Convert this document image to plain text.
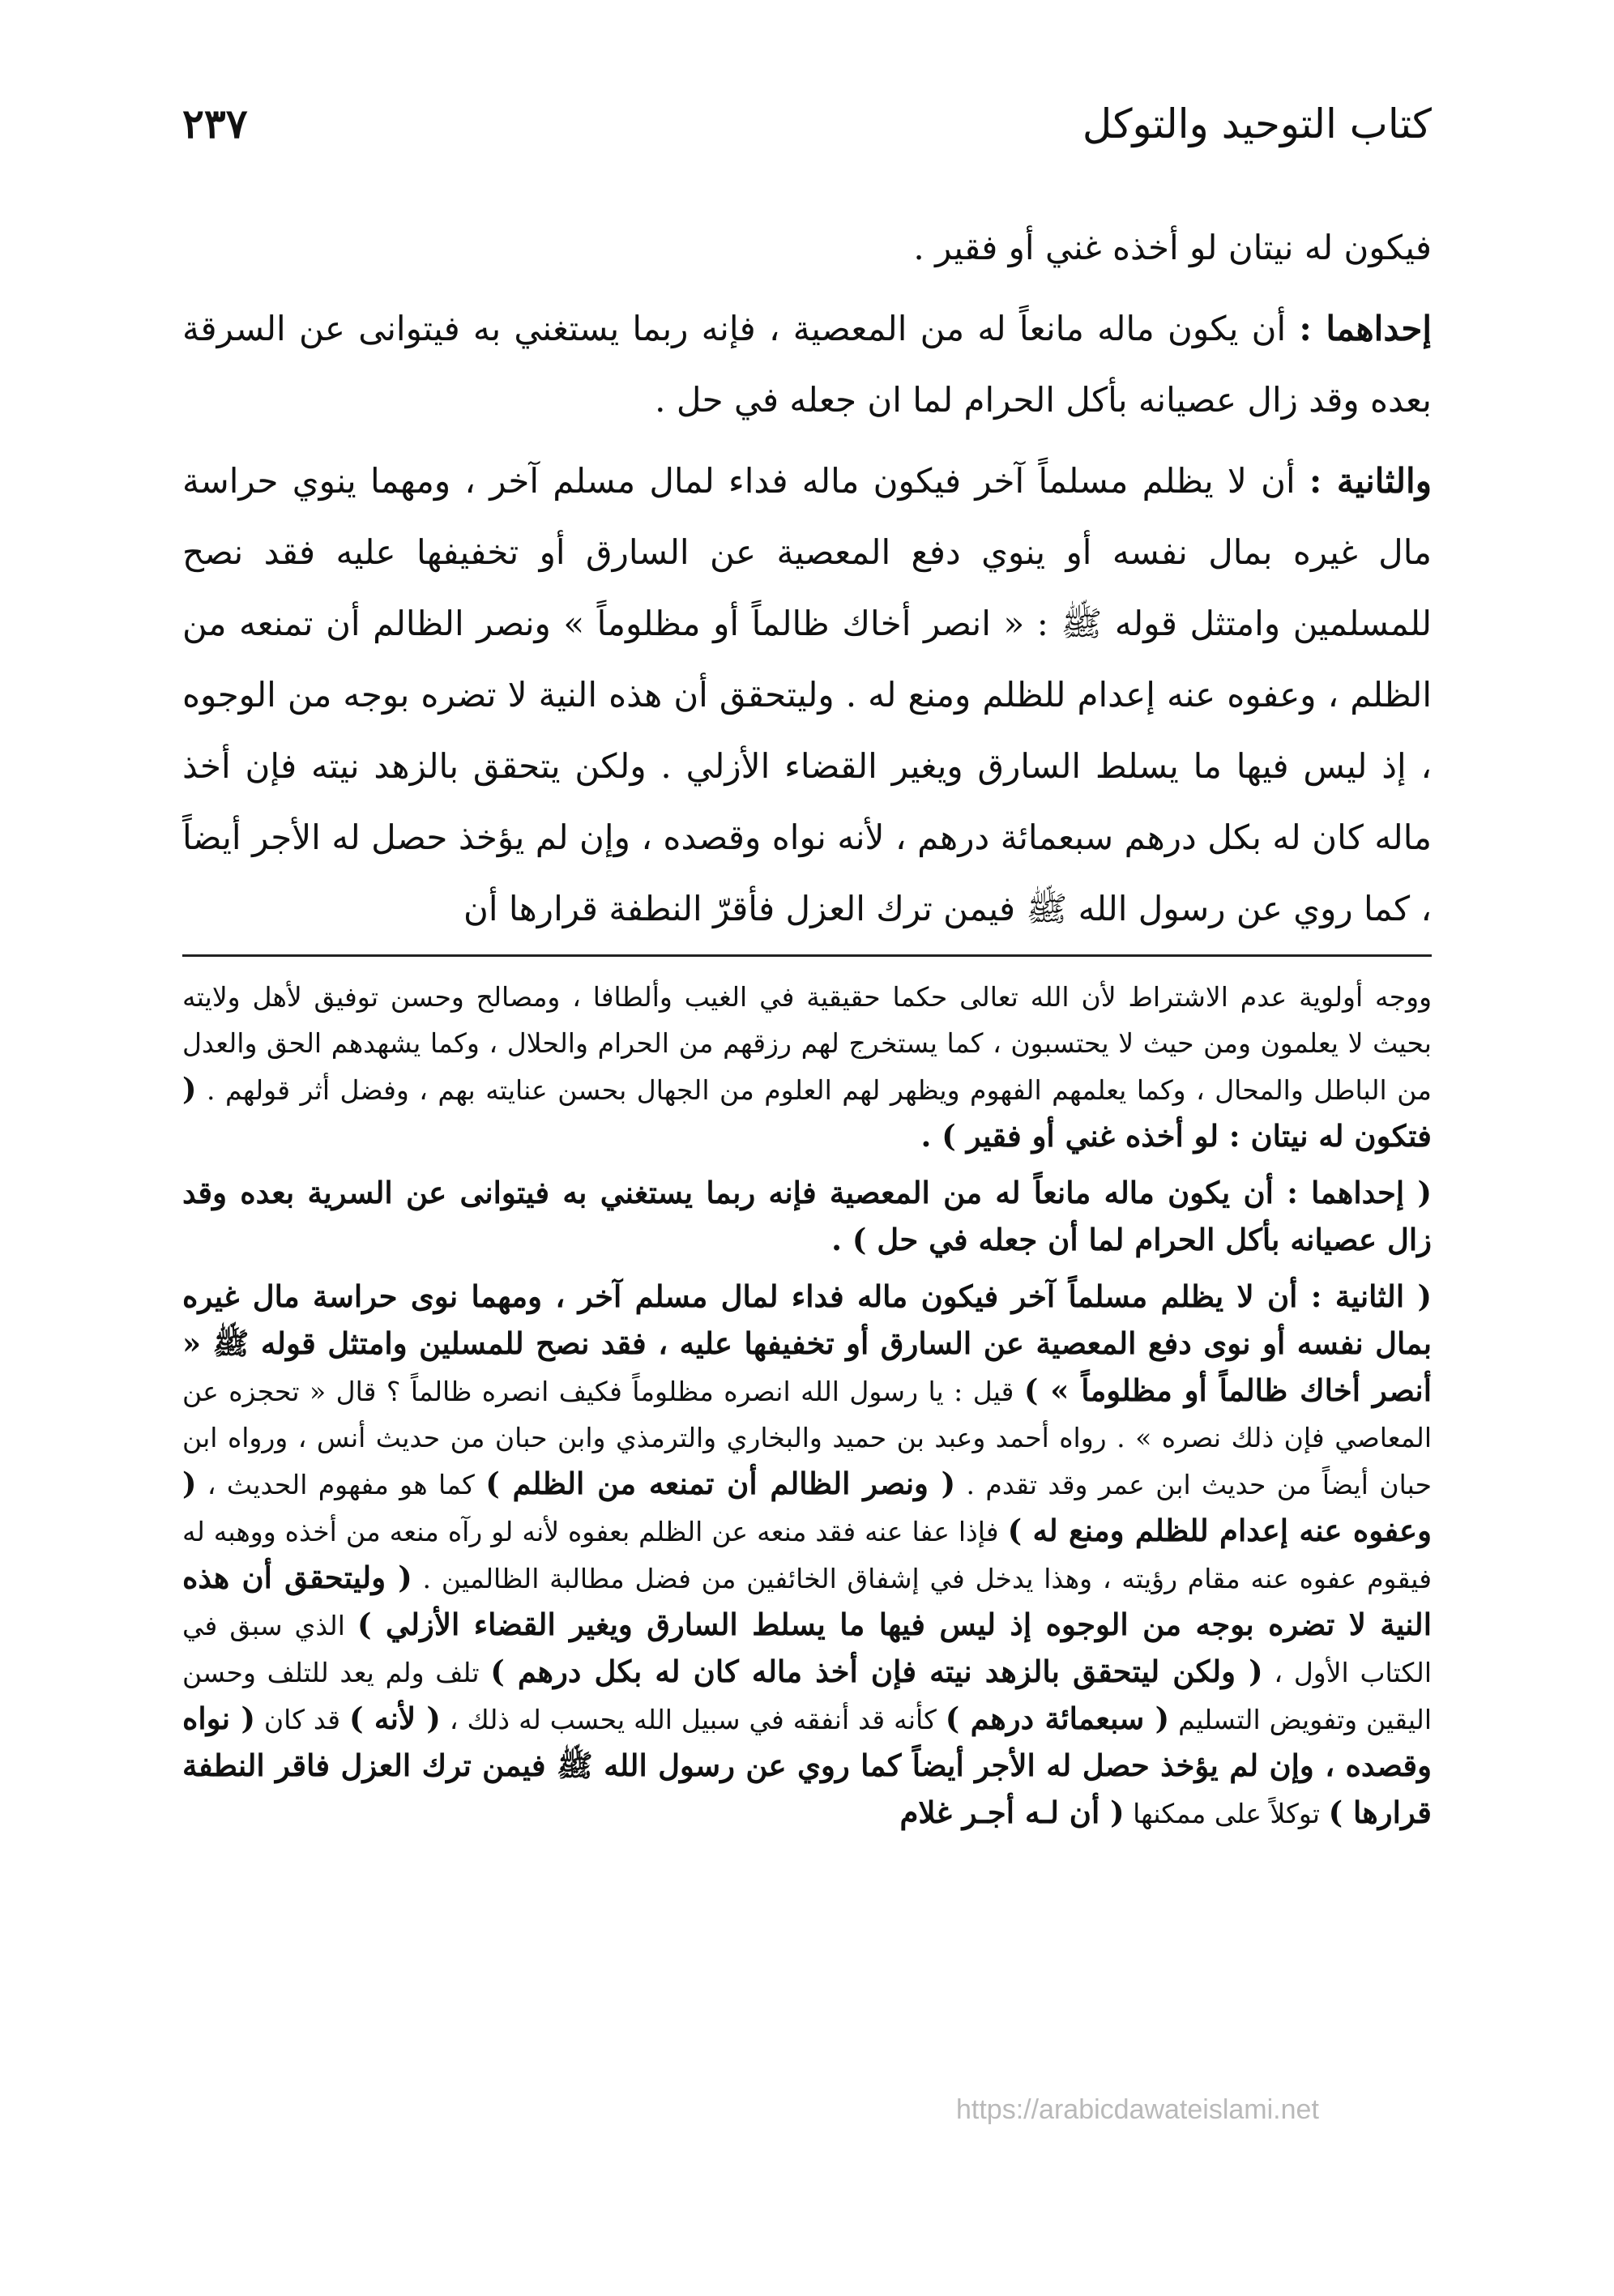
كتاب التوحيد والتوكل
٢٣٧

فيكون له نيتان لو أخذه غني أو فقير .

إحداهما : أن يكون ماله مانعاً له من المعصية ، فإنه ربما يستغني به فيتوانى عن السرقة بعده وقد زال عصيانه بأكل الحرام لما ان جعله في حل .

والثانية : أن لا يظلم مسلماً آخر فيكون ماله فداء لمال مسلم آخر ، ومهما ينوي حراسة مال غيره بمال نفسه أو ينوي دفع المعصية عن السارق أو تخفيفها عليه فقد نصح للمسلمين وامتثل قوله ﷺ : « انصر أخاك ظالماً أو مظلوماً » ونصر الظالم أن تمنعه من الظلم ، وعفوه عنه إعدام للظلم ومنع له . وليتحقق أن هذه النية لا تضره بوجه من الوجوه ، إذ ليس فيها ما يسلط السارق ويغير القضاء الأزلي . ولكن يتحقق بالزهد نيته فإن أخذ ماله كان له بكل درهم سبعمائة درهم ، لأنه نواه وقصده ، وإن لم يؤخذ حصل له الأجر أيضاً ، كما روي عن رسول الله ﷺ فيمن ترك العزل فأقرّ النطفة قرارها أن

ووجه أولوية عدم الاشتراط لأن الله تعالى حكما حقيقية في الغيب وألطافا ، ومصالح وحسن توفيق لأهل ولايته بحيث لا يعلمون ومن حيث لا يحتسبون ، كما يستخرج لهم رزقهم من الحرام والحلال ، وكما يشهدهم الحق والعدل من الباطل والمحال ، وكما يعلمهم الفهوم ويظهر لهم العلوم من الجهال بحسن عنايته بهم ، وفضل أثر قولهم . ( فتكون له نيتان : لو أخذه غني أو فقير ) .

( إحداهما : أن يكون ماله مانعاً له من المعصية فإنه ربما يستغني به فيتوانى عن السرية بعده وقد زال عصيانه بأكل الحرام لما أن جعله في حل ) .

( الثانية : أن لا يظلم مسلماً آخر فيكون ماله فداء لمال مسلم آخر ، ومهما نوى حراسة مال غيره بمال نفسه أو نوى دفع المعصية عن السارق أو تخفيفها عليه ، فقد نصح للمسلين وامتثل قوله ﷺ « أنصر أخاك ظالماً أو مظلوماً » ) قيل : يا رسول الله انصره مظلوماً فكيف انصره ظالماً ؟ قال « تحجزه عن المعاصي فإن ذلك نصره » . رواه أحمد وعبد بن حميد والبخاري والترمذي وابن حبان من حديث أنس ، ورواه ابن حبان أيضاً من حديث ابن عمر وقد تقدم . ( ونصر الظالم أن تمنعه من الظلم ) كما هو مفهوم الحديث ، ( وعفوه عنه إعدام للظلم ومنع له ) فإذا عفا عنه فقد منعه عن الظلم بعفوه لأنه لو رآه منعه من أخذه ووهبه له فيقوم عفوه عنه مقام رؤيته ، وهذا يدخل في إشفاق الخائفين من فضل مطالبة الظالمين . ( وليتحقق أن هذه النية لا تضره بوجه من الوجوه إذ ليس فيها ما يسلط السارق ويغير القضاء الأزلي ) الذي سبق في الكتاب الأول ، ( ولكن ليتحقق بالزهد نيته فإن أخذ ماله كان له بكل درهم ) تلف ولم يعد للتلف وحسن اليقين وتفويض التسليم ( سبعمائة درهم ) كأنه قد أنفقه في سبيل الله يحسب له ذلك ، ( لأنه ) قد كان ( نواه وقصده ، وإن لم يؤخذ حصل له الأجر أيضاً كما روي عن رسول الله ﷺ فيمن ترك العزل فاقر النطفة قرارها ) توكلاً على ممكنها ( أن لـه أجـر غلام

https://arabicdawateislami.net
